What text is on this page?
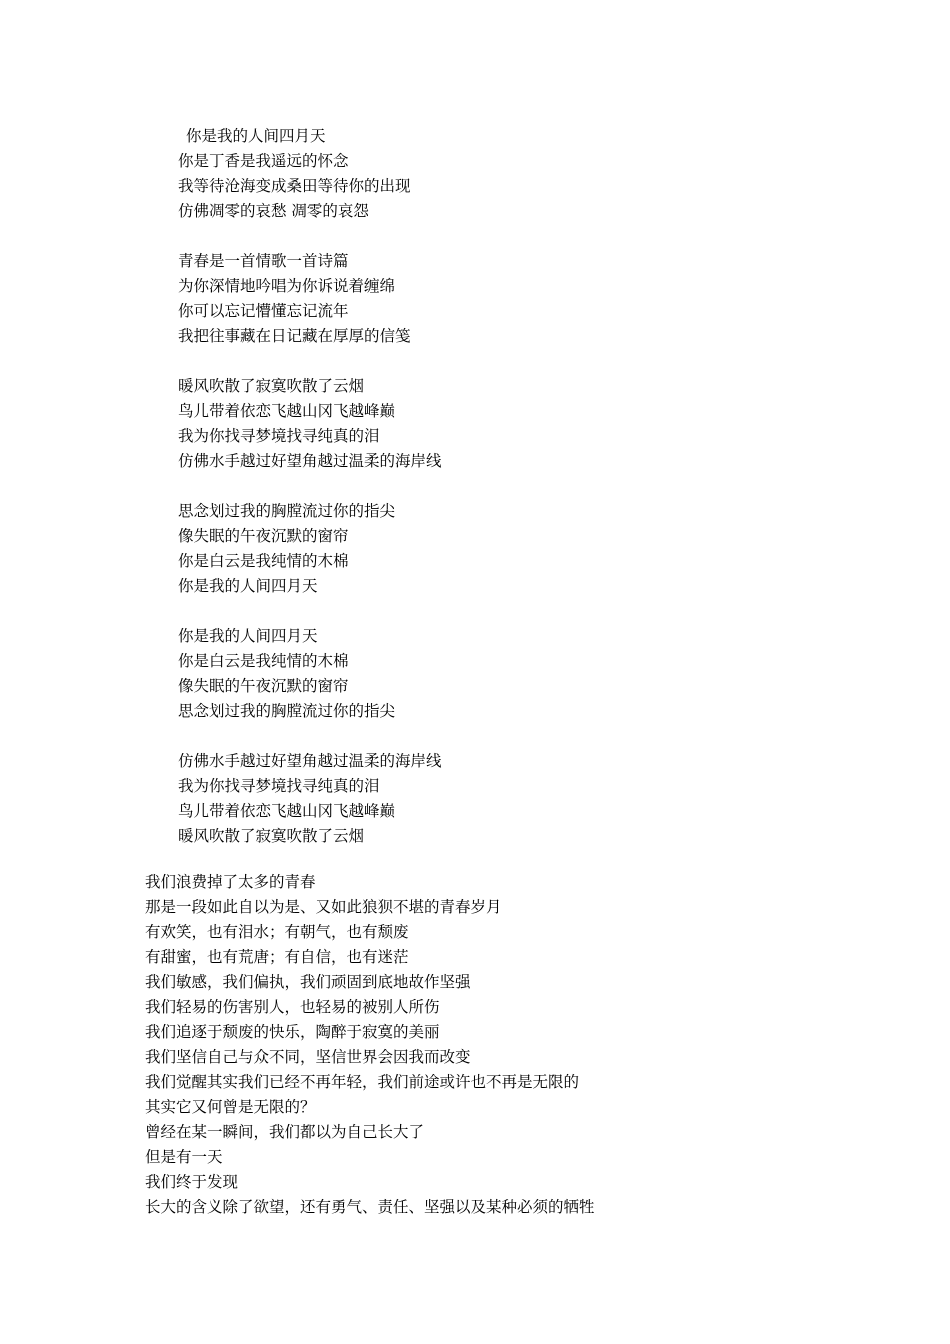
你是我的人间四月天
你是丁香是我遥远的怀念
我等待沧海变成桑田等待你的出现
仿佛凋零的哀愁 凋零的哀怨
青春是一首情歌一首诗篇
为你深情地吟唱为你诉说着缠绵
你可以忘记懵懂忘记流年
我把往事藏在日记藏在厚厚的信笺
暖风吹散了寂寞吹散了云烟
鸟儿带着依恋飞越山冈飞越峰巅
我为你找寻梦境找寻纯真的泪
仿佛水手越过好望角越过温柔的海岸线
思念划过我的胸膛流过你的指尖
像失眠的午夜沉默的窗帘
你是白云是我纯情的木棉
你是我的人间四月天
你是我的人间四月天
你是白云是我纯情的木棉
像失眠的午夜沉默的窗帘
思念划过我的胸膛流过你的指尖
仿佛水手越过好望角越过温柔的海岸线
我为你找寻梦境找寻纯真的泪
鸟儿带着依恋飞越山冈飞越峰巅
暖风吹散了寂寞吹散了云烟
我们浪费掉了太多的青春
那是一段如此自以为是、又如此狼狈不堪的青春岁月
有欢笑，也有泪水；有朝气，也有颓废
有甜蜜，也有荒唐；有自信，也有迷茫
我们敏感，我们偏执，我们顽固到底地故作坚强
我们轻易的伤害别人，也轻易的被别人所伤
我们追逐于颓废的快乐，陶醉于寂寞的美丽
我们坚信自己与众不同，坚信世界会因我而改变
我们觉醒其实我们已经不再年轻，我们前途或许也不再是无限的
其实它又何曾是无限的？
曾经在某一瞬间，我们都以为自己长大了
但是有一天
我们终于发现
长大的含义除了欲望，还有勇气、责任、坚强以及某种必须的牺牲
